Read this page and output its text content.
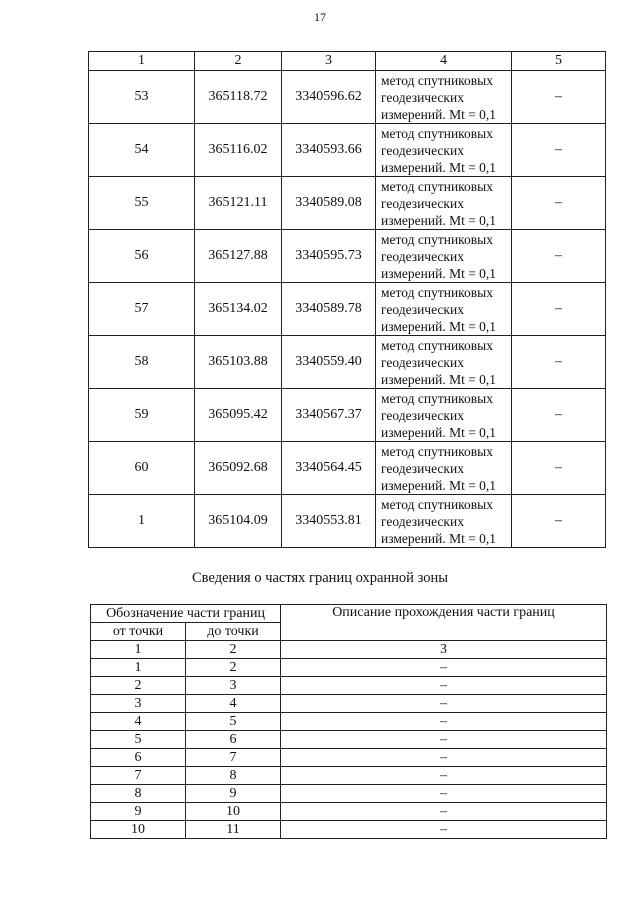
17
1	2	3	4	5
53	365118.72	3340596.62	метод спутниковых
геодезических
измерений. Mt = 0,1	–
54	365116.02	3340593.66	метод спутниковых
геодезических
измерений. Mt = 0,1	–
55	365121.11	3340589.08	метод спутниковых
геодезических
измерений. Mt = 0,1	–
56	365127.88	3340595.73	метод спутниковых
геодезических
измерений. Mt = 0,1	–
57	365134.02	3340589.78	метод спутниковых
геодезических
измерений. Mt = 0,1	–
58	365103.88	3340559.40	метод спутниковых
геодезических
измерений. Mt = 0,1	–
59	365095.42	3340567.37	метод спутниковых
геодезических
измерений. Mt = 0,1	–
60	365092.68	3340564.45	метод спутниковых
геодезических
измерений. Mt = 0,1	–
1	365104.09	3340553.81	метод спутниковых
геодезических
измерений. Mt = 0,1	–
Сведения о частях границ охранной зоны
Обозначение части границ		Описание прохождения части границ
от точки	до точки	
1	2	3
1	2	–
2	3	–
3	4	–
4	5	–
5	6	–
6	7	–
7	8	–
8	9	–
9	10	–
10	11	–
